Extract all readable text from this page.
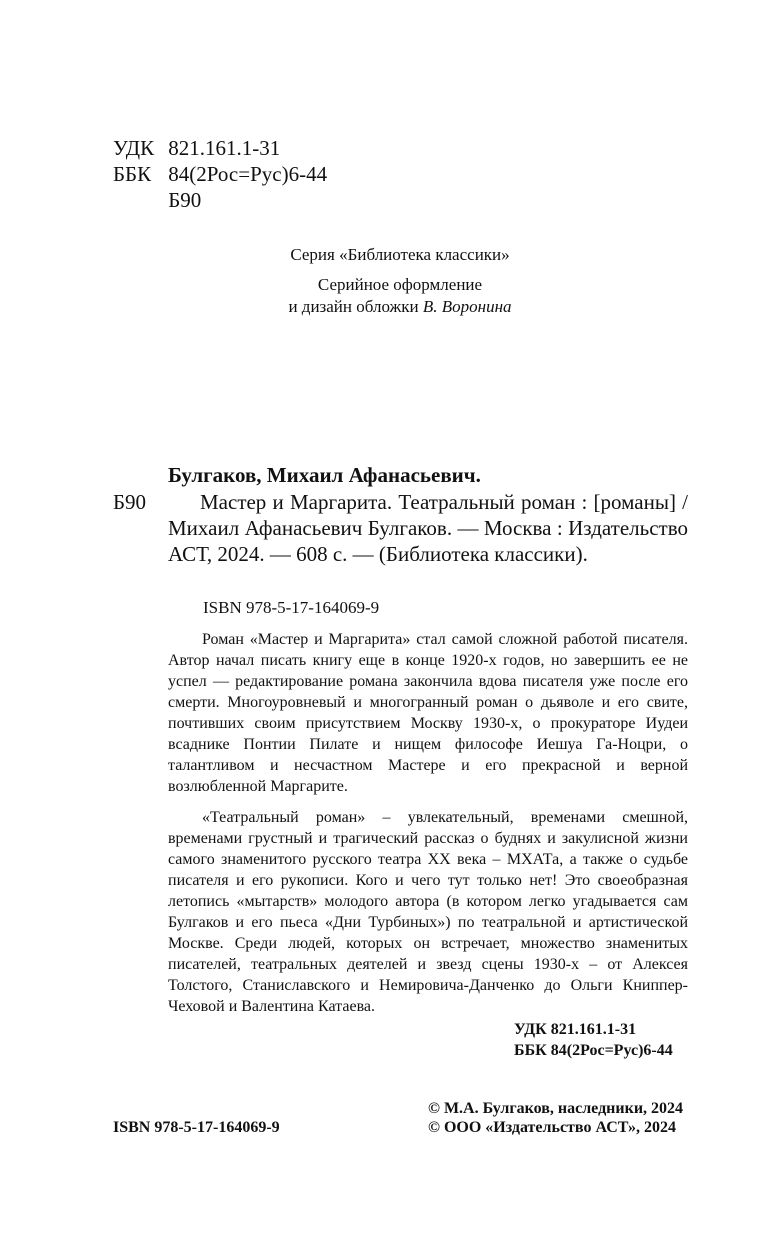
УДК 821.161.1-31
ББК 84(2Рос=Рус)6-44
Б90
Серия «Библиотека классики»
Серийное оформление
и дизайн обложки В. Воронина
Булгаков, Михаил Афанасьевич.
Б90	Мастер и Маргарита. Театральный роман : [романы] / Михаил Афанасьевич Булгаков. — Москва : Издательство АСТ, 2024. — 608 с. — (Библиотека классики).
ISBN 978-5-17-164069-9

Роман «Мастер и Маргарита» стал самой сложной работой писателя. Автор начал писать книгу еще в конце 1920-х годов, но завершить ее не успел — редактирование романа закончила вдова писателя уже после его смерти. Многоуровневый и многогранный роман о дьяволе и его свите, почтивших своим присутствием Москву 1930-х, о прокураторе Иудеи всаднике Понтии Пилате и нищем философе Иешуа Га-Ноцри, о талантливом и несчастном Мастере и его прекрасной и верной возлюбленной Маргарите.

«Театральный роман» – увлекательный, временами смешной, временами грустный и трагический рассказ о буднях и закулисной жизни самого знаменитого русского театра XX века – МХАТа, а также о судьбе писателя и его рукописи. Кого и чего тут только нет! Это своеобразная летопись «мытарств» молодого автора (в котором легко угадывается сам Булгаков и его пьеса «Дни Турбиных») по театральной и артистической Москве. Среди людей, которых он встречает, множество знаменитых писателей, театральных деятелей и звезд сцены 1930-х – от Алексея Толстого, Станиславского и Немировича-Данченко до Ольги Книппер-Чеховой и Валентина Катаева.

УДК 821.161.1-31
ББК 84(2Рос=Рус)6-44
ISBN 978-5-17-164069-9
© М.А. Булгаков, наследники, 2024
© ООО «Издательство АСТ», 2024
